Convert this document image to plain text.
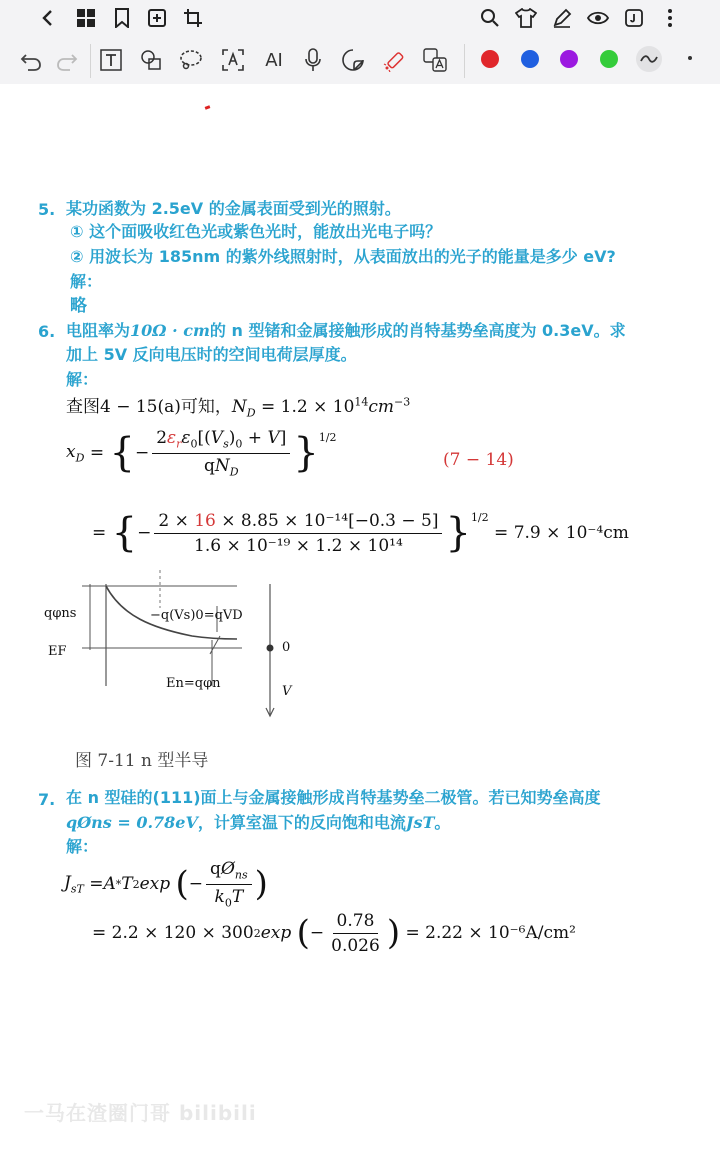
AI
5. 某功函数为 2.5eV 的金属表面受到光的照射。
① 这个面吸收红色光或紫色光时，能放出光电子吗？
② 用波长为 185nm 的紫外线照射时，从表面放出的光子的能量是多少 eV?
解：
略
6. 电阻率为10Ω · cm的 n 型锗和金属接触形成的肖特基势垒高度为 0.3eV。求
加上 5V 反向电压时的空间电荷层厚度。
解：
查图4 − 15(a)可知，$N_D = 1.2 \times 10^{14}cm^{-3}$
$x_D$ = { − $\frac{2\varepsilon_r\varepsilon_0[(V_s)_0 + V]}{qN_D}$ } 1/2
(7 − 14)
= { − $\frac{\text{2 × 16 × 8.85 × 10⁻¹⁴[−0.3 − 5]}}{\text{1.6 × 10⁻¹⁹ × 1.2 × 10¹⁴}}$ } 1/2

= 7.9 × 10⁻⁴cm
qφns	−q(Vs)0=qVD
EF
En=qφn
0
V
图 7-11 n 型半导
7. 在 n 型硅的(111)面上与金属接触形成肖特基势垒二极管。若已知势垒高度
qØns = 0.78eV，计算室温下的反向饱和电流JsT。
解：
$J_{sT} = A * T$ 2 exp
( − $\frac{qØ_{ns}}{k_0T}$ )
= 2.2 × 120 × 300 2 exp
( − $\frac{0.78}{0.026}$ )
= 2.22 × 10⁻⁶A/cm²
一马在渣圈门哥 bilibili
